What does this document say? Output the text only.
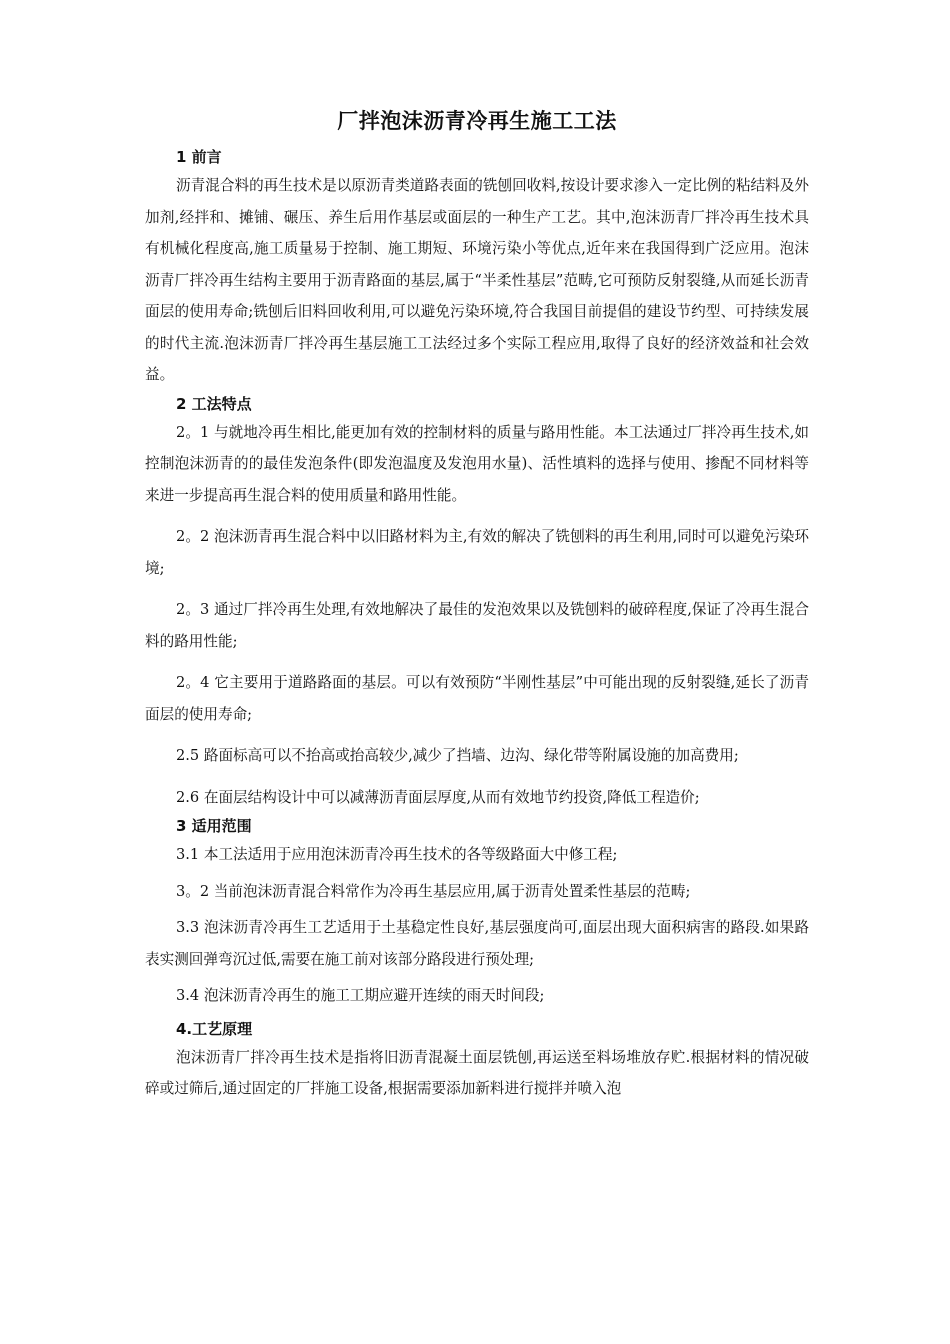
厂拌泡沫沥青冷再生施工工法
1 前言

沥青混合料的再生技术是以原沥青类道路表面的铣刨回收料,按设计要求渗入一定比例的粘结料及外加剂,经拌和、摊铺、碾压、养生后用作基层或面层的一种生产工艺。其中,泡沫沥青厂拌冷再生技术具有机械化程度高,施工质量易于控制、施工期短、环境污染小等优点,近年来在我国得到广泛应用。泡沫沥青厂拌冷再生结构主要用于沥青路面的基层,属于“半柔性基层”范畴,它可预防反射裂缝,从而延长沥青面层的使用寿命;铣刨后旧料回收利用,可以避免污染环境,符合我国目前提倡的建设节约型、可持续发展的时代主流.泡沫沥青厂拌冷再生基层施工工法经过多个实际工程应用,取得了良好的经济效益和社会效益。

2 工法特点

2。1 与就地冷再生相比,能更加有效的控制材料的质量与路用性能。本工法通过厂拌冷再生技术,如控制泡沫沥青的的最佳发泡条件(即发泡温度及发泡用水量)、活性填料的选择与使用、掺配不同材料等来进一步提高再生混合料的使用质量和路用性能。

2。2 泡沫沥青再生混合料中以旧路材料为主,有效的解决了铣刨料的再生利用,同时可以避免污染环境;

2。3 通过厂拌冷再生处理,有效地解决了最佳的发泡效果以及铣刨料的破碎程度,保证了冷再生混合料的路用性能;

2。4 它主要用于道路路面的基层。可以有效预防“半刚性基层”中可能出现的反射裂缝,延长了沥青面层的使用寿命;

2.5 路面标高可以不抬高或抬高较少,减少了挡墙、边沟、绿化带等附属设施的加高费用;

2.6 在面层结构设计中可以减薄沥青面层厚度,从而有效地节约投资,降低工程造价;

3 适用范围

3.1 本工法适用于应用泡沫沥青冷再生技术的各等级路面大中修工程;

3。2 当前泡沫沥青混合料常作为冷再生基层应用,属于沥青处置柔性基层的范畴;

3.3 泡沫沥青冷再生工艺适用于土基稳定性良好,基层强度尚可,面层出现大面积病害的路段.如果路表实测回弹弯沉过低,需要在施工前对该部分路段进行预处理;

3.4 泡沫沥青冷再生的施工工期应避开连续的雨天时间段;

4.工艺原理

泡沫沥青厂拌冷再生技术是指将旧沥青混凝土面层铣刨,再运送至料场堆放存贮.根据材料的情况破碎或过筛后,通过固定的厂拌施工设备,根据需要添加新料进行搅拌并喷入泡
